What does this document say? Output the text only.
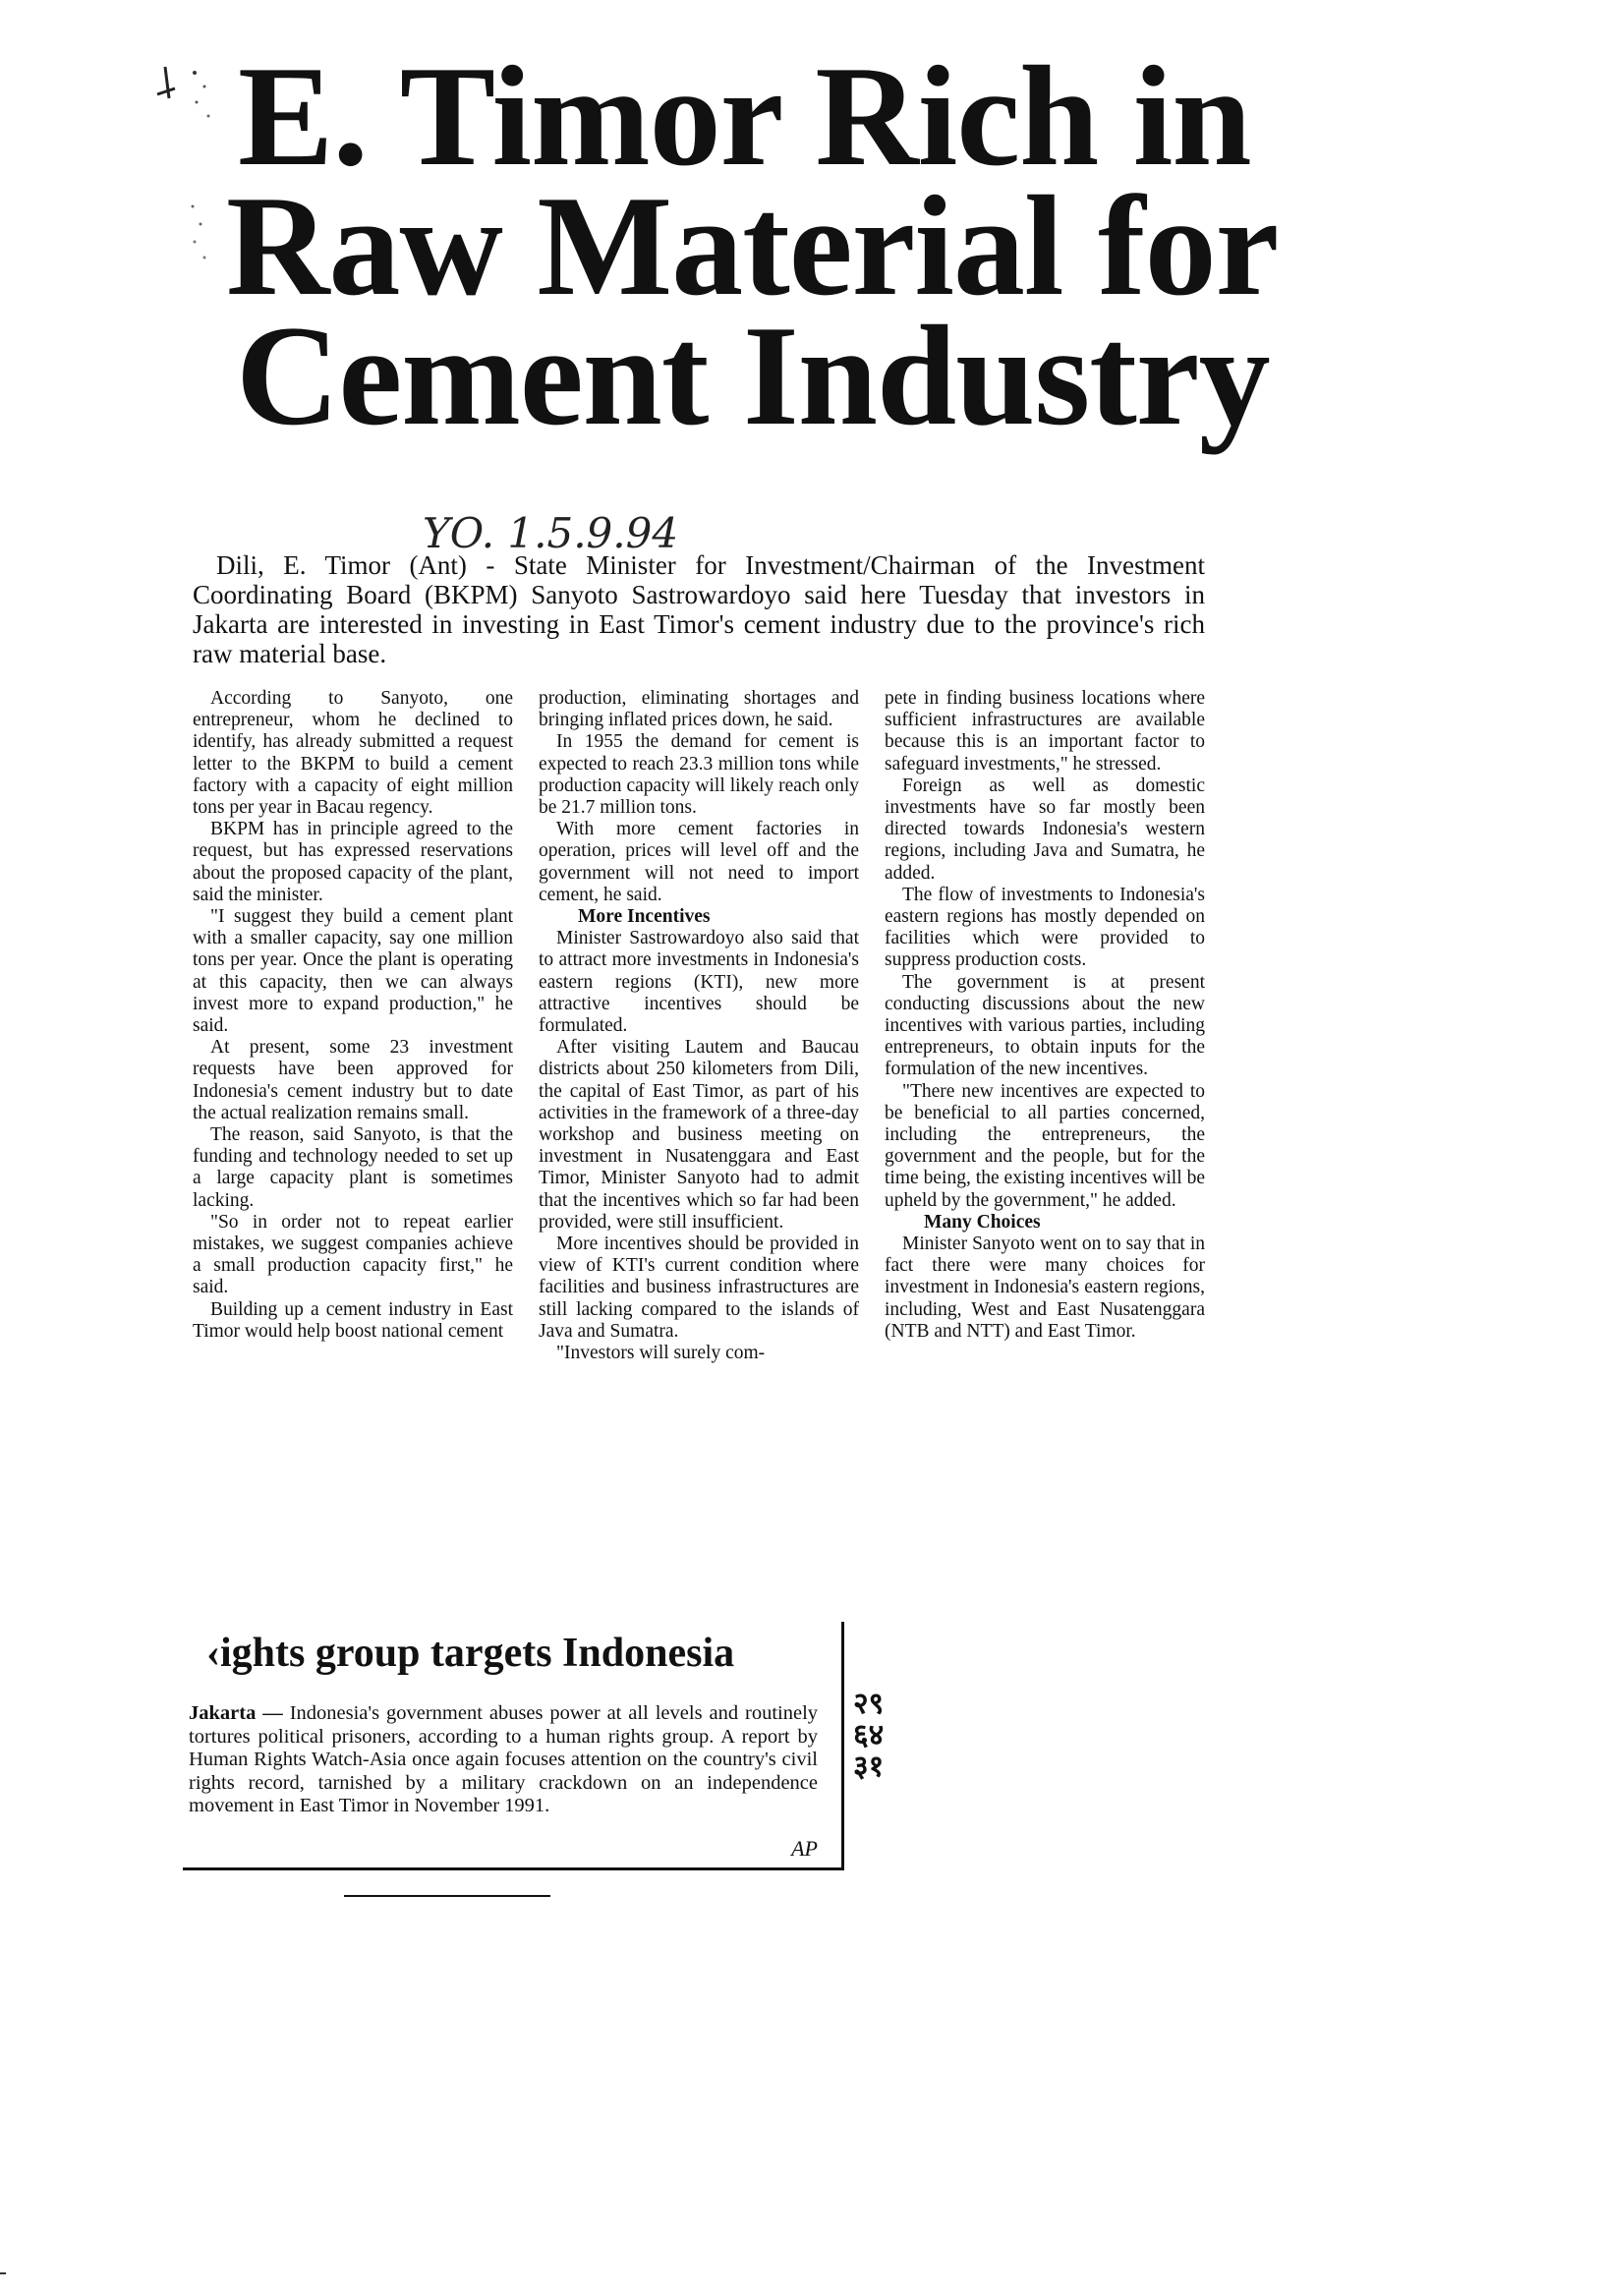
E. Timor Rich in
Raw Material for
Cement Industry
YO. 1.5.9.94

Dili, E. Timor (Ant) - State Minister for Investment/Chairman of the Investment Coordinating Board (BKPM) Sanyoto Sastrowardoyo said here Tuesday that investors in Jakarta are interested in investing in East Timor's cement industry due to the province's rich raw material base.

According to Sanyoto, one entrepreneur, whom he declined to identify, has already submitted a request letter to the BKPM to build a cement factory with a capacity of eight million tons per year in Bacau regency.

BKPM has in principle agreed to the request, but has expressed reservations about the proposed capacity of the plant, said the minister.

"I suggest they build a cement plant with a smaller capacity, say one million tons per year. Once the plant is operating at this capacity, then we can always invest more to expand production," he said.

At present, some 23 investment requests have been approved for Indonesia's cement industry but to date the actual realization remains small.

The reason, said Sanyoto, is that the funding and technology needed to set up a large capacity plant is sometimes lacking.

"So in order not to repeat earlier mistakes, we suggest companies achieve a small production capacity first," he said.

Building up a cement industry in East Timor would help boost national cement

production, eliminating shortages and bringing inflated prices down, he said.

In 1955 the demand for cement is expected to reach 23.3 million tons while production capacity will likely reach only be 21.7 million tons.

With more cement factories in operation, prices will level off and the government will not need to import cement, he said.

More Incentives

Minister Sastrowardoyo also said that to attract more investments in Indonesia's eastern regions (KTI), new more attractive incentives should be formulated.

After visiting Lautem and Baucau districts about 250 kilometers from Dili, the capital of East Timor, as part of his activities in the framework of a three-day workshop and business meeting on investment in Nusatenggara and East Timor, Minister Sanyoto had to admit that the incentives which so far had been provided, were still insufficient.

More incentives should be provided in view of KTI's current condition where facilities and business infrastructures are still lacking compared to the islands of Java and Sumatra.

"Investors will surely com-

pete in finding business locations where sufficient infrastructures are available because this is an important factor to safeguard investments," he stressed.

Foreign as well as domestic investments have so far mostly been directed towards Indonesia's western regions, including Java and Sumatra, he added.

The flow of investments to Indonesia's eastern regions has mostly depended on facilities which were provided to suppress production costs.

The government is at present conducting discussions about the new incentives with various parties, including entrepreneurs, to obtain inputs for the formulation of the new incentives.

"There new incentives are expected to be beneficial to all parties concerned, including the entrepreneurs, the government and the people, but for the time being, the existing incentives will be upheld by the government," he added.

Many Choices

Minister Sanyoto went on to say that in fact there were many choices for investment in Indonesia's eastern regions, including, West and East Nusatenggara (NTB and NTT) and East Timor.

‹ights group targets Indonesia

Jakarta — Indonesia's government abuses power at all levels and routinely tortures political prisoners, according to a human rights group. A report by Human Rights Watch-Asia once again focuses attention on the country's civil rights record, tarnished by a military crackdown on an independence movement in East Timor in November 1991.

AP
२९ ६४ ३१
